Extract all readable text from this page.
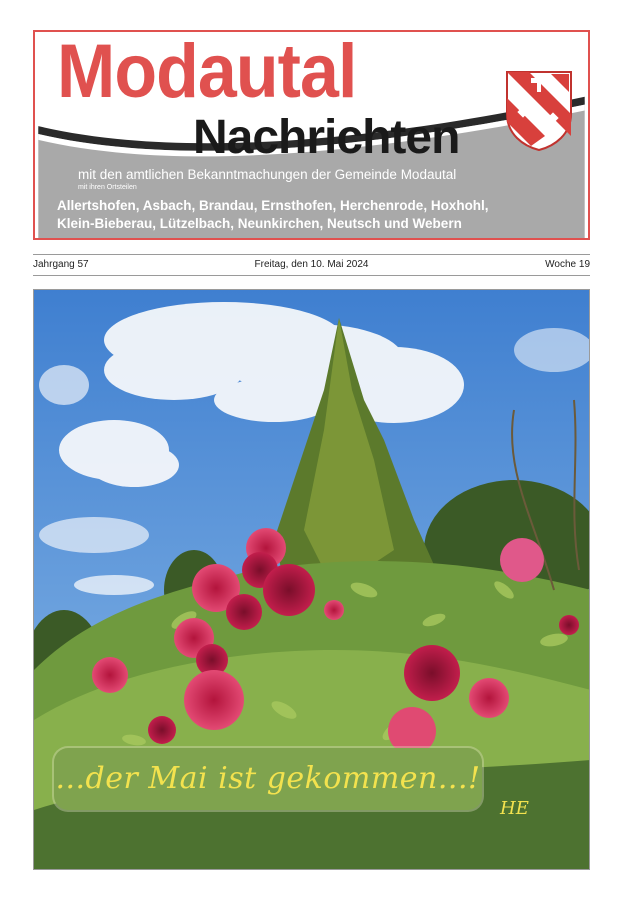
Modautal
Nachrichten
mit den amtlichen Bekanntmachungen der Gemeinde Modautal
mit ihren Ortsteilen
Allertshofen, Asbach, Brandau, Ernsthofen, Herchenrode, Hoxhohl,
Klein-Bieberau, Lützelbach, Neunkirchen, Neutsch und Webern
Freitag, den 10. Mai 2024
Jahrgang 57	Woche 19
...der Mai ist gekommen...!
HE
